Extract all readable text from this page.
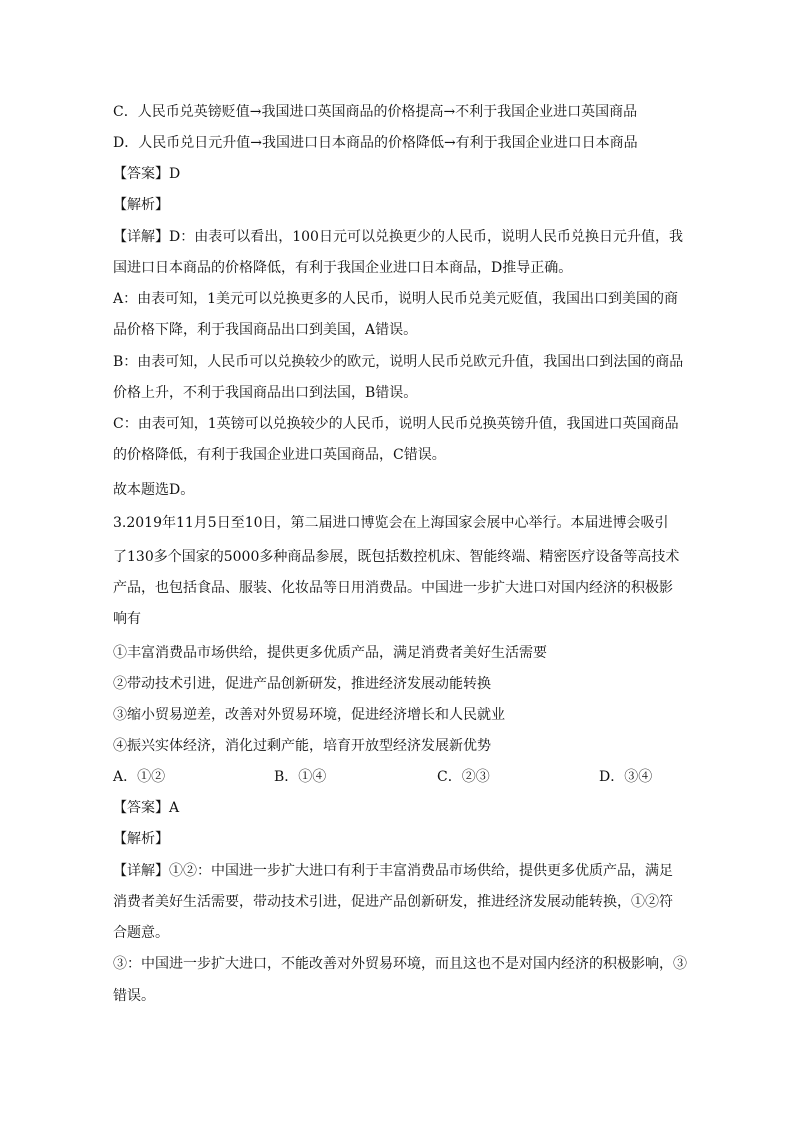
C．人民币兑英镑贬值→我国进口英国商品的价格提高→不利于我国企业进口英国商品
D．人民币兑日元升值→我国进口日本商品的价格降低→有利于我国企业进口日本商品
【答案】D
【解析】
【详解】D：由表可以看出，100日元可以兑换更少的人民币，说明人民币兑换日元升值，我
国进口日本商品的价格降低，有利于我国企业进口日本商品，D推导正确。
A：由表可知，1美元可以兑换更多的人民币，说明人民币兑美元贬值，我国出口到美国的商
品价格下降，利于我国商品出口到美国，A错误。
B：由表可知，人民币可以兑换较少的欧元，说明人民币兑欧元升值，我国出口到法国的商品
价格上升，不利于我国商品出口到法国，B错误。
C：由表可知，1英镑可以兑换较少的人民币，说明人民币兑换英镑升值，我国进口英国商品
的价格降低，有利于我国企业进口英国商品，C错误。
故本题选D。
3.2019年11月5日至10日，第二届进口博览会在上海国家会展中心举行。本届进博会吸引
了130多个国家的5000多种商品参展，既包括数控机床、智能终端、精密医疗设备等高技术
产品，也包括食品、服装、化妆品等日用消费品。中国进一步扩大进口对国内经济的积极影
响有
①丰富消费品市场供给，提供更多优质产品，满足消费者美好生活需要
②带动技术引进，促进产品创新研发，推进经济发展动能转换
③缩小贸易逆差，改善对外贸易环境，促进经济增长和人民就业
④振兴实体经济，消化过剩产能，培育开放型经济发展新优势
A．①②	B．①④	C．②③	D．③④
【答案】A
【解析】
【详解】①②：中国进一步扩大进口有利于丰富消费品市场供给，提供更多优质产品，满足
消费者美好生活需要，带动技术引进，促进产品创新研发，推进经济发展动能转换，①②符
合题意。
③：中国进一步扩大进口，不能改善对外贸易环境，而且这也不是对国内经济的积极影响，③
错误。
